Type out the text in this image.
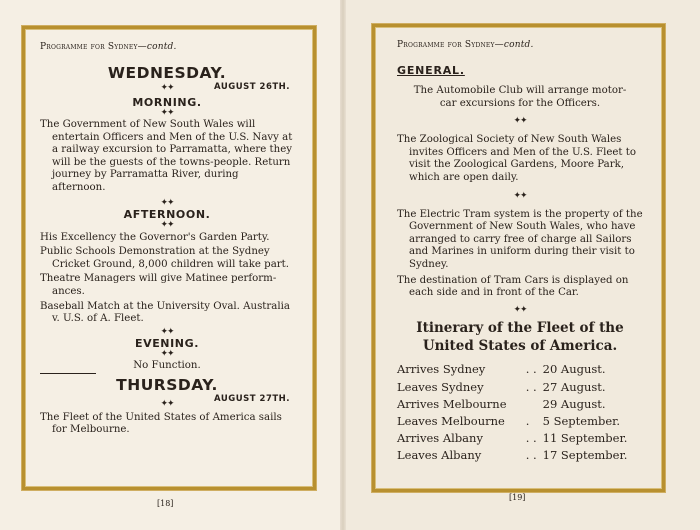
Programme for Sydney—contd.
WEDNESDAY.
✦✦	AUGUST 26TH.
MORNING.
✦✦
The Government of New South Wales will entertain Officers and Men of the U.S. Navy at a railway excursion to Parramatta, where they will be the guests of the towns-people. Return journey by Parramatta River, during afternoon.
✦✦
AFTERNOON.
✦✦
His Excellency the Governor's Garden Party.
Public Schools Demonstration at the Sydney Cricket Ground, 8,000 children will take part.
Theatre Managers will give Matinee perform-ances.
Baseball Match at the University Oval. Australia v. U.S. of A. Fleet.
✦✦
EVENING.
✦✦
No Function.
THURSDAY.
AUGUST 27TH.
✦✦
The Fleet of the United States of America sails for Melbourne.
[18]
Programme for Sydney—contd.
GENERAL.
The Automobile Club will arrange motor-car excursions for the Officers.
✦✦
The Zoological Society of New South Wales invites Officers and Men of the U.S. Fleet to visit the Zoological Gardens, Moore Park, which are open daily.
✦✦
The Electric Tram system is the property of the Government of New South Wales, who have arranged to carry free of charge all Sailors and Marines in uniform during their visit to Sydney.
The destination of Tram Cars is displayed on each side and in front of the Car.
✦✦
Itinerary of the Fleet of the United States of America.
Arrives Sydney	. .	20 August.
Leaves Sydney	. .	27 August.
Arrives Melbourne		29 August.
Leaves Melbourne	.	5 September.
Arrives Albany	. .	11 September.
Leaves Albany	. .	17 September.
[19]
